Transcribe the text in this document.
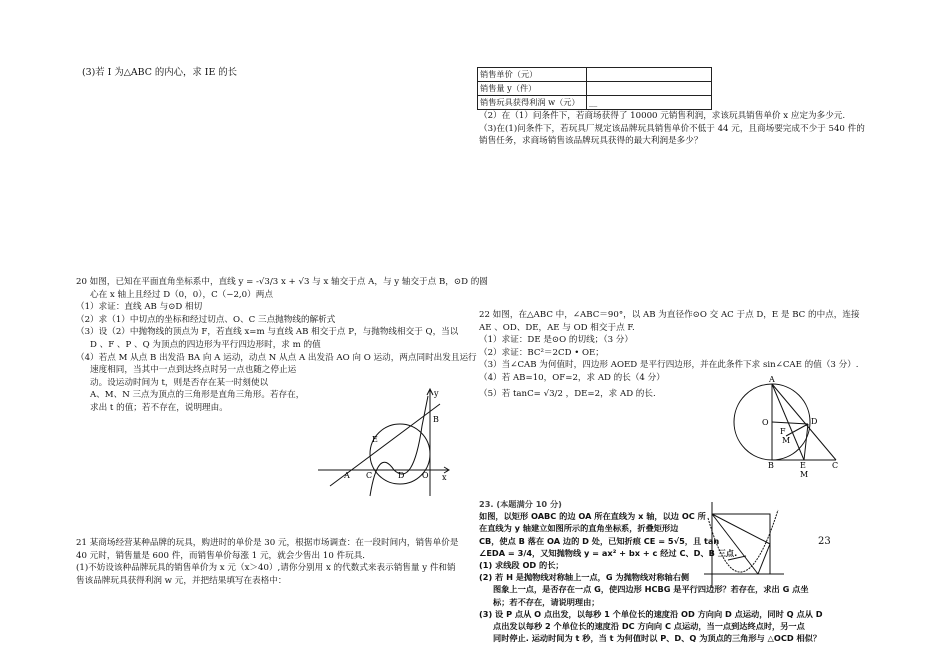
(3)若 I 为△ABC 的内心，求 IE 的长

20 如图，已知在平面直角坐标系中，直线 y = -√3/3 x + √3 与 x 轴交于点 A，与 y 轴交于点 B，⊙D 的圆

心在 x 轴上且经过 D（0，0），C（−2,0）两点

（1）求证：直线 AB 与⊙D 相切

（2）求（1）中切点的坐标和经过切点、O、C 三点抛物线的解析式

（3）设（2）中抛物线的顶点为 F，若直线 x=m 与直线 AB 相交于点 P，与抛物线相交于 Q，当以

D 、F 、P 、Q 为顶点的四边形为平行四边形时，求 m 的值

（4）若点 M 从点 B 出发沿 BA 向 A 运动，动点 N 从点 A 出发沿 AO 向 O 运动，两点同时出发且运行

速度相同，当其中一点到达终点时另一点也随之停止运

动。设运动时间为 t，则是否存在某一时刻使以

A、M、N 三点为顶点的三角形是直角三角形。若存在，

求出 t 的值；若不存在，说明理由。

y
x
B
E
A C	D O

21 某商场经营某种品牌的玩具，购进时的单价是 30 元，根据市场调查：在一段时间内，销售单价是

40 元时，销售量是 600 件，而销售单价每涨 1 元，就会少售出 10 件玩具．

(1)不妨设该种品牌玩具的销售单价为 x 元（x＞40）,请你分别用 x 的代数式来表示销售量 y 件和销

售该品牌玩具获得利润 w 元，并把结果填写在表格中：

销售单价（元）	
销售量 y（件）	
销售玩具获得利润 w（元）	__

（2）在（1）问条件下，若商场获得了 10000 元销售利润，求该玩具销售单价 x 应定为多少元.

（3)在(1)问条件下，若玩具厂规定该品牌玩具销售单价不低于 44 元，且商场要完成不少于 540 件的

销售任务，求商场销售该品牌玩具获得的最大利润是多少？

22 如图，在△ABC 中，∠ABC＝90°，以 AB 为直径作⊙O 交 AC 于点 D，E 是 BC 的中点，连接

AE 、OD、DE，AE 与 OD 相交于点 F.

（1）求证：DE 是⊙O 的切线；（3 分）

（2）求证：BC²＝2CD • OE；

（3）当∠CAB 为何值时，四边形 AOED 是平行四边形，并在此条件下求 sin∠CAE 的值（3 分）.

（4）若 AB=10，OF=2，求 AD 的长（4 分）

（5）若 tanC= √3/2 ，DE=2，求 AD 的长.

A
O
F
M
D
B	E	C
M

23. (本题满分 10 分)

如图，以矩形 OABC 的边 OA 所在直线为 x 轴，以边 OC 所

在直线为 y 轴建立如图所示的直角坐标系，折叠矩形边

CB，使点 B 落在 OA 边的 D 处，已知折痕 CE = 5√5，且 tan

∠EDA = 3/4，又知抛物线 y = ax² + bx + c 经过 C、D、B 三点.

(1) 求线段 OD 的长；

(2) 若 H 是抛物线对称轴上一点，G 为抛物线对称轴右侧

图象上一点，是否存在一点 G，使四边形 HCBG 是平行四边形？若存在，求出 G 点坐

标；若不存在，请说明理由；

(3) 设 P 点从 O 点出发，以每秒 1 个单位长的速度沿 OD 方向向 D 点运动，同时 Q 点从 D

点出发以每秒 2 个单位长的速度沿 DC 方向向 C 点运动，当一点到达终点时，另一点

同时停止. 运动时间为 t 秒，当 t 为何值时以 P、D、Q 为顶点的三角形与 △OCD 相似？

23
